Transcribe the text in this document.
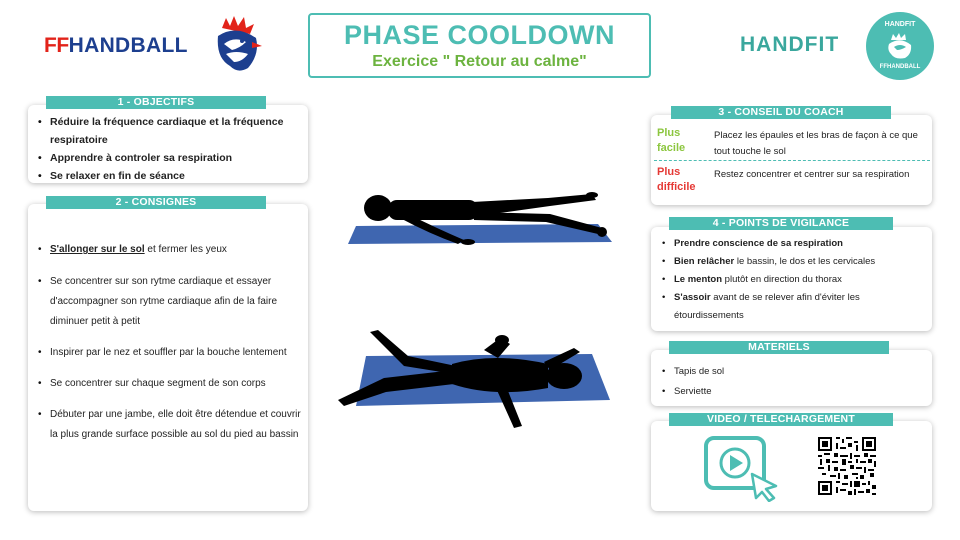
FFHANDBALL	PHASE COOLDOWN
Exercice " Retour au calme"
HANDFIT
HANDFIT
FFHANDBALL
1 - OBJECTIFS
• Réduire la fréquence cardiaque et la fréquence respiratoire
• Apprendre à controler sa respiration
• Se relaxer en fin de séance
2 - CONSIGNES
• S'allonger sur le sol et fermer les yeux
• Se concentrer sur son rytme cardiaque et essayer d'accompagner son rytme cardiaque afin de la faire diminuer petit à petit
• Inspirer par le nez et souffler par la bouche lentement
• Se concentrer sur chaque segment de son corps
• Débuter par une jambe, elle doit être détendue et couvrir la plus grande surface possible au sol du pied au bassin
3 - CONSEIL DU COACH
Plus facile
Placez les épaules et les bras de façon à ce que tout touche le sol
Plus difficile
Restez concentrer et centrer sur sa respiration
4 - POINTS DE VIGILANCE
• Prendre conscience de sa respiration
• Bien relâcher le bassin, le dos et les cervicales
• Le menton plutôt en direction du thorax
• S'assoir avant de se relever afin d'éviter les étourdissements
MATERIELS
• Tapis de sol
• Serviette
VIDEO / TELECHARGEMENT
